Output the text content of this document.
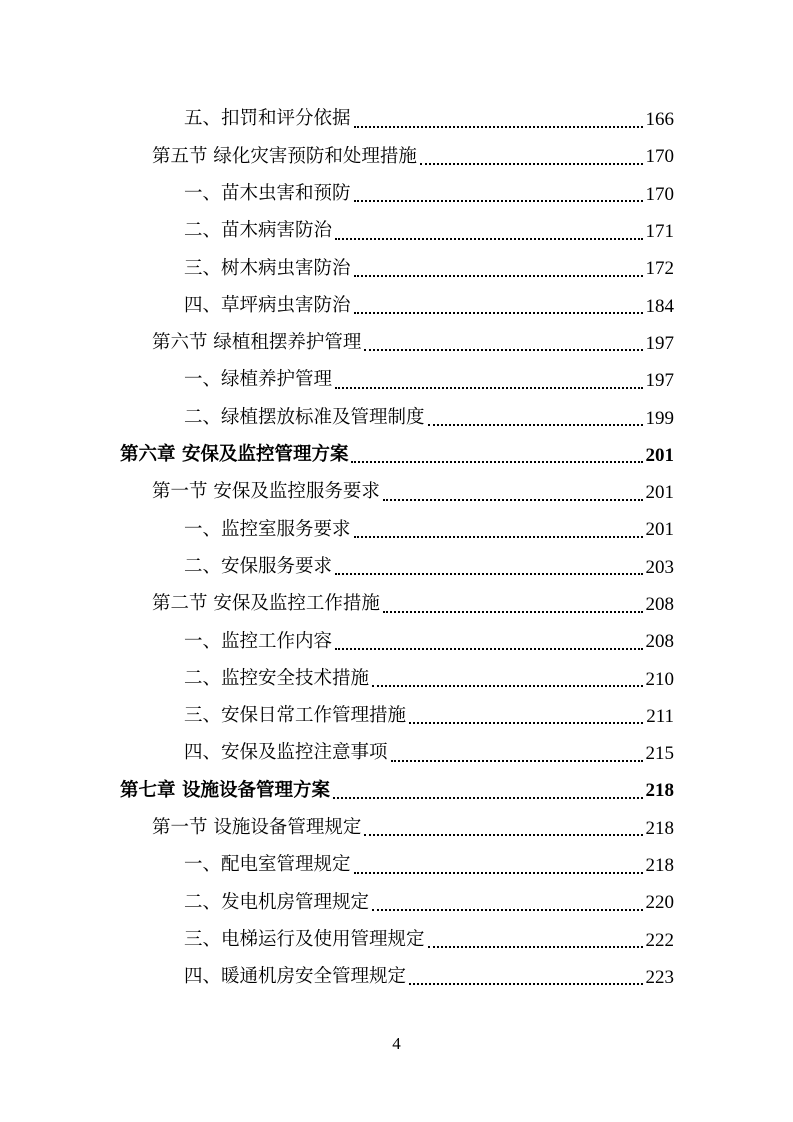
五、扣罚和评分依据	166
第五节 绿化灾害预防和处理措施	170
一、苗木虫害和预防	170
二、苗木病害防治	171
三、树木病虫害防治	172
四、草坪病虫害防治	184
第六节 绿植租摆养护管理	197
一、绿植养护管理	197
二、绿植摆放标准及管理制度	199
第六章 安保及监控管理方案	201
第一节 安保及监控服务要求	201
一、监控室服务要求	201
二、安保服务要求	203
第二节 安保及监控工作措施	208
一、监控工作内容	208
二、监控安全技术措施	210
三、安保日常工作管理措施	211
四、安保及监控注意事项	215
第七章 设施设备管理方案	218
第一节 设施设备管理规定	218
一、配电室管理规定	218
二、发电机房管理规定	220
三、电梯运行及使用管理规定	222
四、暖通机房安全管理规定	223
4
